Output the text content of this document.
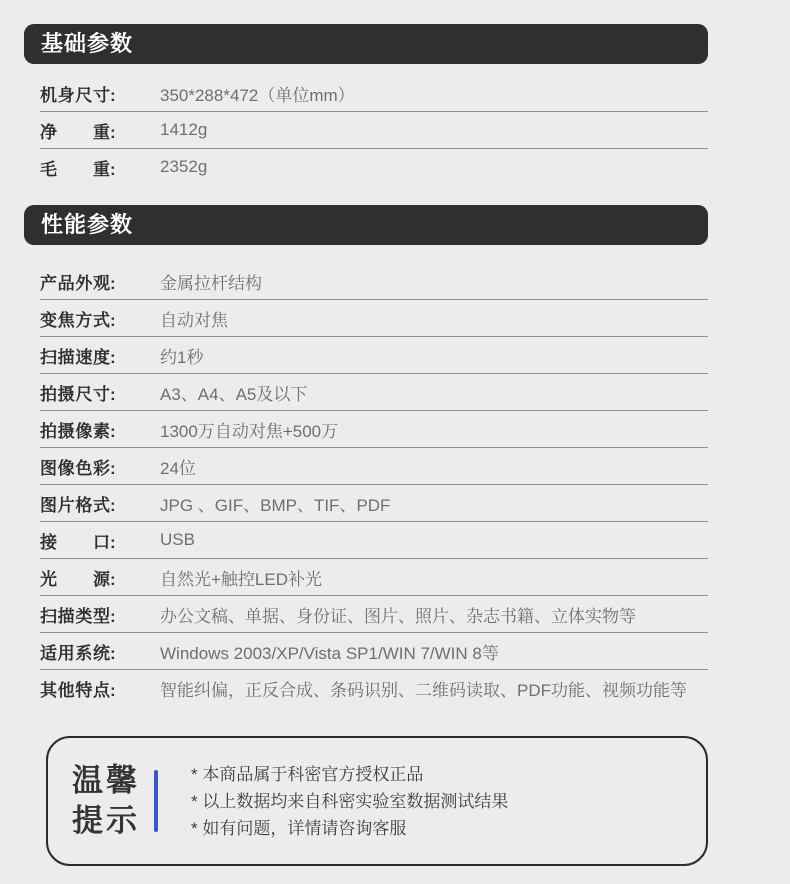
基础参数
机身尺寸:	350*288*472（单位mm）
净重:	1412g
毛重:	2352g
性能参数
产品外观:	金属拉杆结构
变焦方式:	自动对焦
扫描速度:	约1秒
拍摄尺寸:	A3、A4、A5及以下
拍摄像素:	1300万自动对焦+500万
图像色彩:	24位
图片格式:	JPG 、GIF、BMP、TIF、PDF
接口:	USB
光源:	自然光+触控LED补光
扫描类型:	办公文稿、单据、身份证、图片、照片、杂志书籍、立体实物等
适用系统:	Windows 2003/XP/Vista SP1/WIN 7/WIN 8等
其他特点:	智能纠偏，正反合成、条码识别、二维码读取、PDF功能、视频功能等
温馨
提示
* 本商品属于科密官方授权正品
* 以上数据均来自科密实验室数据测试结果
* 如有问题，详情请咨询客服
